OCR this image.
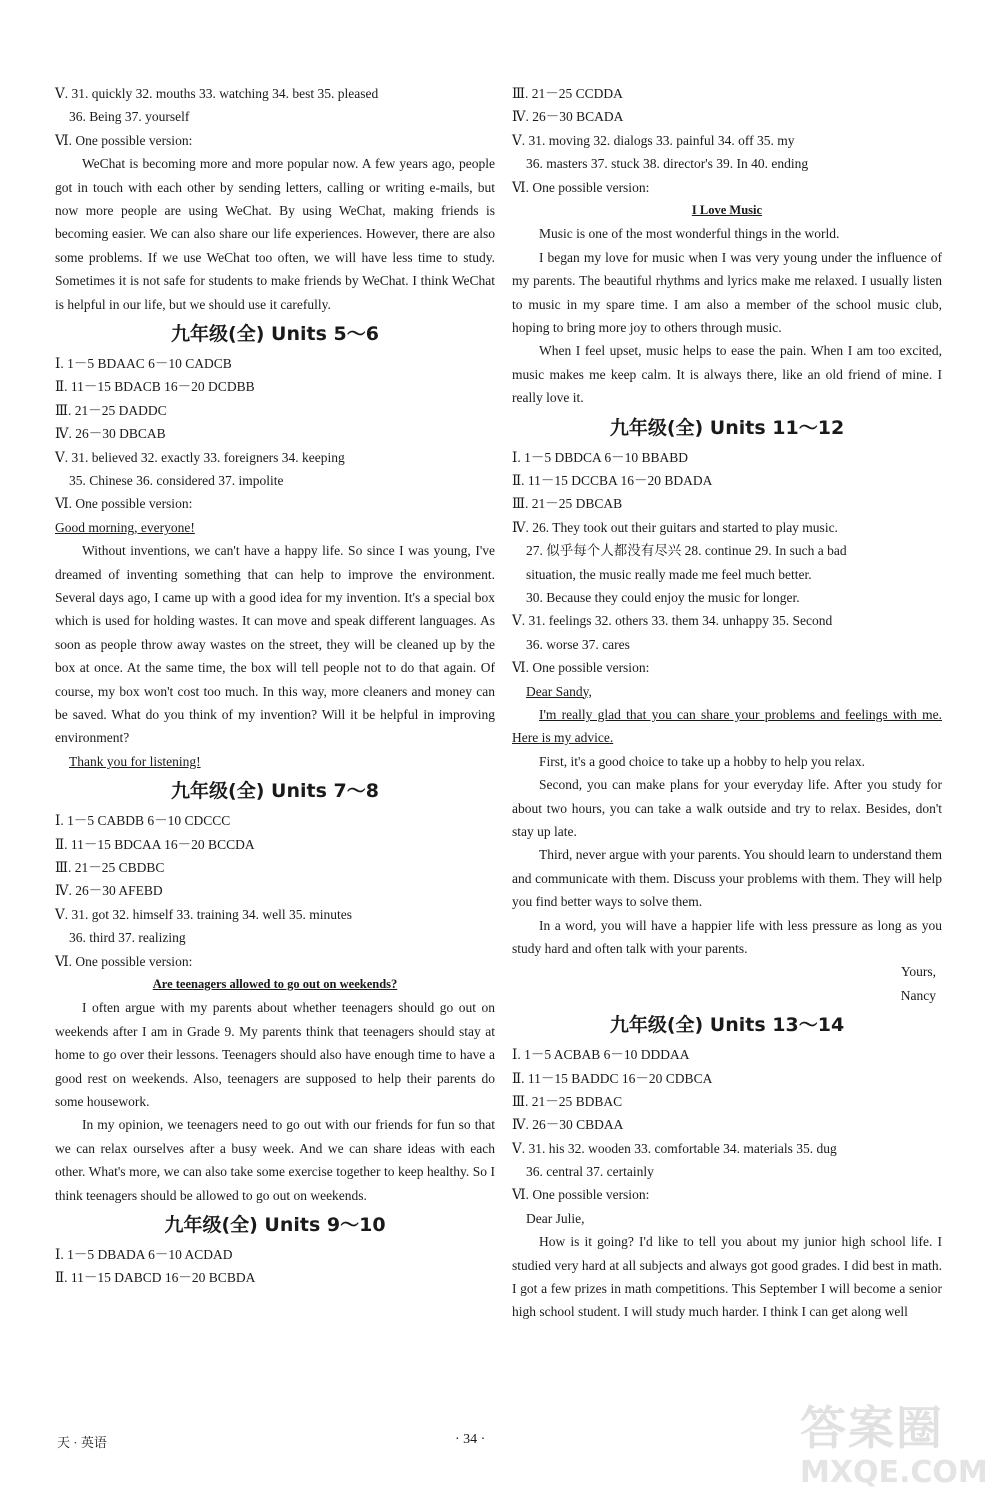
Ⅴ. 31. quickly 32. mouths 33. watching 34. best 35. pleased
36. Being 37. yourself
Ⅵ. One possible version:
WeChat is becoming more and more popular now. A few years ago, people got in touch with each other by sending letters, calling or writing e-mails, but now more people are using WeChat. By using WeChat, making friends is becoming easier. We can also share our life experiences. However, there are also some problems. If we use WeChat too often, we will have less time to study. Sometimes it is not safe for students to make friends by WeChat. I think WeChat is helpful in our life, but we should use it carefully.
九年级(全) Units 5～6
Ⅰ. 1－5 BDAAC 6－10 CADCB
Ⅱ. 11－15 BDACB 16－20 DCDBB
Ⅲ. 21－25 DADDC
Ⅳ. 26－30 DBCAB
Ⅴ. 31. believed 32. exactly 33. foreigners 34. keeping
35. Chinese 36. considered 37. impolite
Ⅵ. One possible version:
Good morning, everyone!
Without inventions, we can't have a happy life. So since I was young, I've dreamed of inventing something that can help to improve the environment. Several days ago, I came up with a good idea for my invention. It's a special box which is used for holding wastes. It can move and speak different languages. As soon as people throw away wastes on the street, they will be cleaned up by the box at once. At the same time, the box will tell people not to do that again. Of course, my box won't cost too much. In this way, more cleaners and money can be saved. What do you think of my invention? Will it be helpful in improving environment?
Thank you for listening!
九年级(全) Units 7～8
Ⅰ. 1－5 CABDB 6－10 CDCCC
Ⅱ. 11－15 BDCAA 16－20 BCCDA
Ⅲ. 21－25 CBDBC
Ⅳ. 26－30 AFEBD
Ⅴ. 31. got 32. himself 33. training 34. well 35. minutes
36. third 37. realizing
Ⅵ. One possible version:
Are teenagers allowed to go out on weekends?
I often argue with my parents about whether teenagers should go out on weekends after I am in Grade 9. My parents think that teenagers should stay at home to go over their lessons. Teenagers should also have enough time to have a good rest on weekends. Also, teenagers are supposed to help their parents do some housework.
In my opinion, we teenagers need to go out with our friends for fun so that we can relax ourselves after a busy week. And we can share ideas with each other. What's more, we can also take some exercise together to keep healthy. So I think teenagers should be allowed to go out on weekends.
九年级(全) Units 9～10
Ⅰ. 1－5 DBADA 6－10 ACDAD
Ⅱ. 11－15 DABCD 16－20 BCBDA
Ⅲ. 21－25 CCDDA
Ⅳ. 26－30 BCADA
Ⅴ. 31. moving 32. dialogs 33. painful 34. off 35. my
36. masters 37. stuck 38. director's 39. In 40. ending
Ⅵ. One possible version:
I Love Music
Music is one of the most wonderful things in the world.
I began my love for music when I was very young under the influence of my parents. The beautiful rhythms and lyrics make me relaxed. I usually listen to music in my spare time. I am also a member of the school music club, hoping to bring more joy to others through music.
When I feel upset, music helps to ease the pain. When I am too excited, music makes me keep calm. It is always there, like an old friend of mine. I really love it.
九年级(全) Units 11～12
Ⅰ. 1－5 DBDCA 6－10 BBABD
Ⅱ. 11－15 DCCBA 16－20 BDADA
Ⅲ. 21－25 DBCAB
Ⅳ. 26. They took out their guitars and started to play music.
27. 似乎每个人都没有尽兴 28. continue 29. In such a bad
situation, the music really made me feel much better.
30. Because they could enjoy the music for longer.
Ⅴ. 31. feelings 32. others 33. them 34. unhappy 35. Second
36. worse 37. cares
Ⅵ. One possible version:
Dear Sandy,
I'm really glad that you can share your problems and feelings with me. Here is my advice.
First, it's a good choice to take up a hobby to help you relax.
Second, you can make plans for your everyday life. After you study for about two hours, you can take a walk outside and try to relax. Besides, don't stay up late.
Third, never argue with your parents. You should learn to understand them and communicate with them. Discuss your problems with them. They will help you find better ways to solve them.
In a word, you will have a happier life with less pressure as long as you study hard and often talk with your parents.
Yours,
Nancy
九年级(全) Units 13～14
Ⅰ. 1－5 ACBAB 6－10 DDDAA
Ⅱ. 11－15 BADDC 16－20 CDBCA
Ⅲ. 21－25 BDBAC
Ⅳ. 26－30 CBDAA
Ⅴ. 31. his 32. wooden 33. comfortable 34. materials 35. dug
36. central 37. certainly
Ⅵ. One possible version:
Dear Julie,
How is it going? I'd like to tell you about my junior high school life. I studied very hard at all subjects and always got good grades. I did best in math. I got a few prizes in math competitions. This September I will become a senior high school student. I will study much harder. I think I can get along well
天 · 英语	· 34 ·	答案圈
MXQE.COM
